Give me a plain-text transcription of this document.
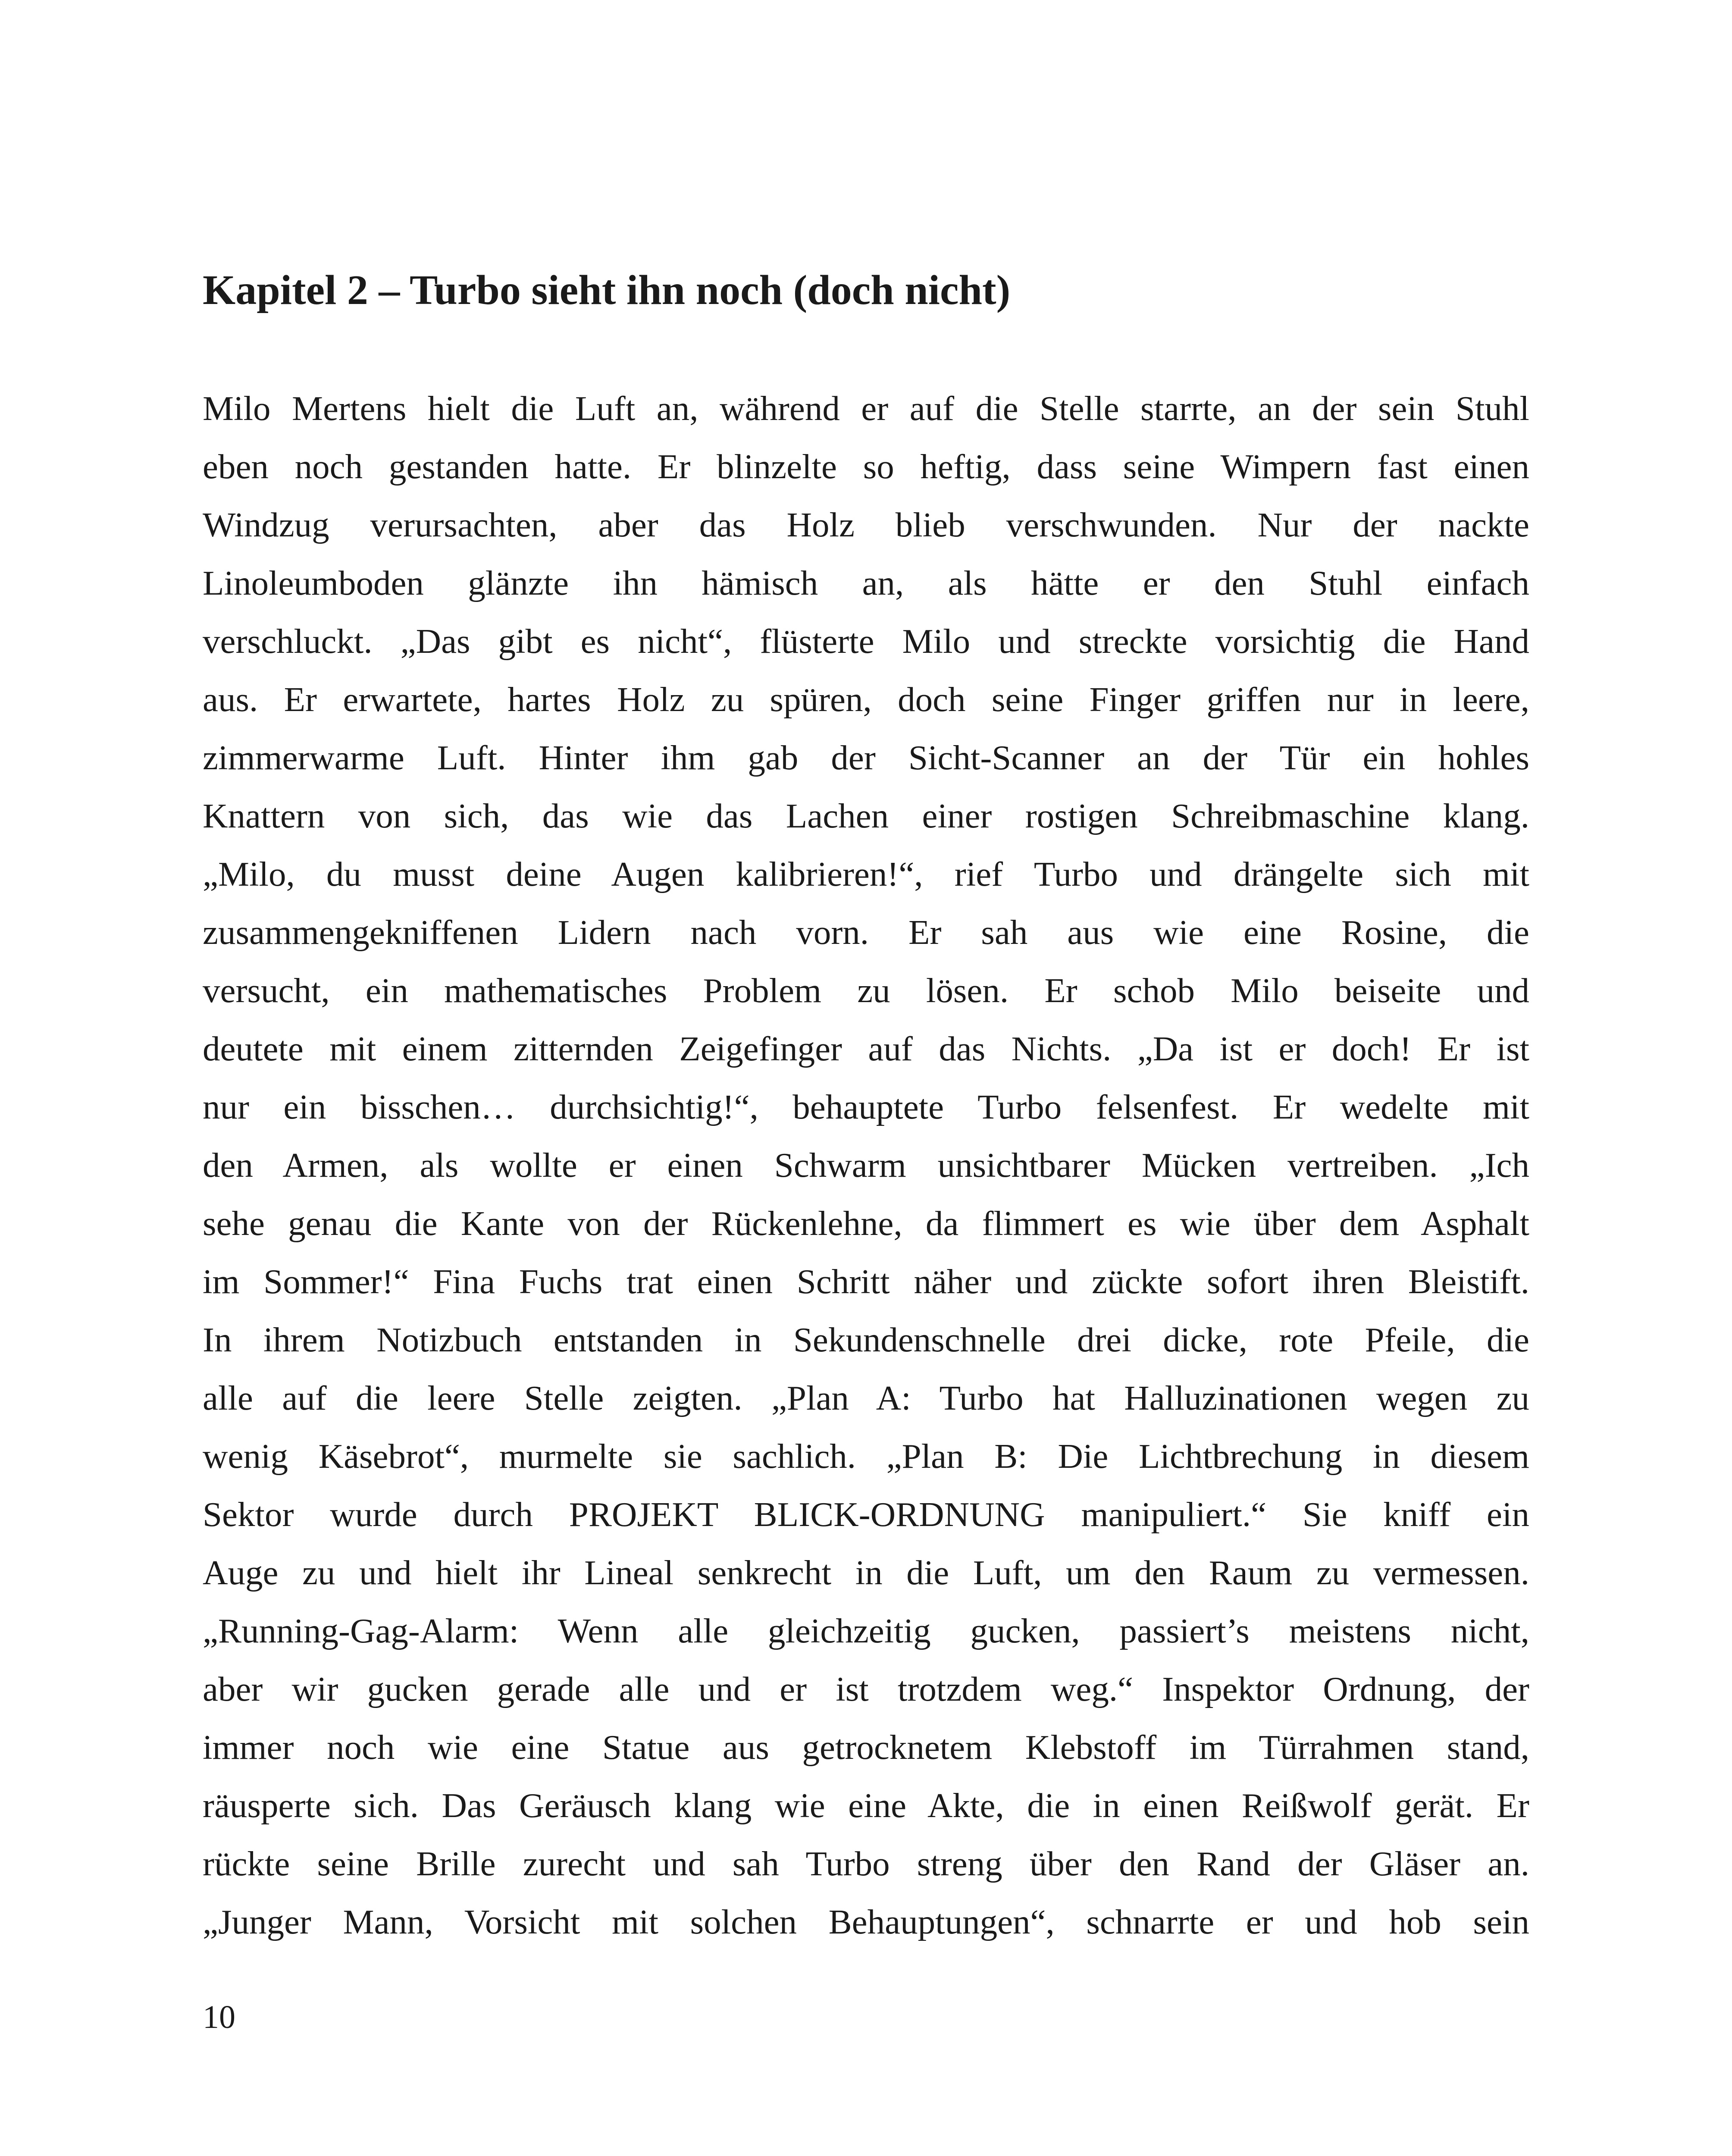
Kapitel 2 – Turbo sieht ihn noch (doch nicht)
Milo Mertens hielt die Luft an, während er auf die Stelle starrte, an der sein Stuhl
eben noch gestanden hatte. Er blinzelte so heftig, dass seine Wimpern fast einen
Windzug verursachten, aber das Holz blieb verschwunden. Nur der nackte
Linoleumboden glänzte ihn hämisch an, als hätte er den Stuhl einfach
verschluckt. „Das gibt es nicht“, flüsterte Milo und streckte vorsichtig die Hand
aus. Er erwartete, hartes Holz zu spüren, doch seine Finger griffen nur in leere,
zimmerwarme Luft. Hinter ihm gab der Sicht-Scanner an der Tür ein hohles
Knattern von sich, das wie das Lachen einer rostigen Schreibmaschine klang.
„Milo, du musst deine Augen kalibrieren!“, rief Turbo und drängelte sich mit
zusammengekniffenen Lidern nach vorn. Er sah aus wie eine Rosine, die
versucht, ein mathematisches Problem zu lösen. Er schob Milo beiseite und
deutete mit einem zitternden Zeigefinger auf das Nichts. „Da ist er doch! Er ist
nur ein bisschen… durchsichtig!“, behauptete Turbo felsenfest. Er wedelte mit
den Armen, als wollte er einen Schwarm unsichtbarer Mücken vertreiben. „Ich
sehe genau die Kante von der Rückenlehne, da flimmert es wie über dem Asphalt
im Sommer!“ Fina Fuchs trat einen Schritt näher und zückte sofort ihren Bleistift.
In ihrem Notizbuch entstanden in Sekundenschnelle drei dicke, rote Pfeile, die
alle auf die leere Stelle zeigten. „Plan A: Turbo hat Halluzinationen wegen zu
wenig Käsebrot“, murmelte sie sachlich. „Plan B: Die Lichtbrechung in diesem
Sektor wurde durch PROJEKT BLICK-ORDNUNG manipuliert.“ Sie kniff ein
Auge zu und hielt ihr Lineal senkrecht in die Luft, um den Raum zu vermessen.
„Running-Gag-Alarm: Wenn alle gleichzeitig gucken, passiert’s meistens nicht,
aber wir gucken gerade alle und er ist trotzdem weg.“ Inspektor Ordnung, der
immer noch wie eine Statue aus getrocknetem Klebstoff im Türrahmen stand,
räusperte sich. Das Geräusch klang wie eine Akte, die in einen Reißwolf gerät. Er
rückte seine Brille zurecht und sah Turbo streng über den Rand der Gläser an.
„Junger Mann, Vorsicht mit solchen Behauptungen“, schnarrte er und hob sein

10
